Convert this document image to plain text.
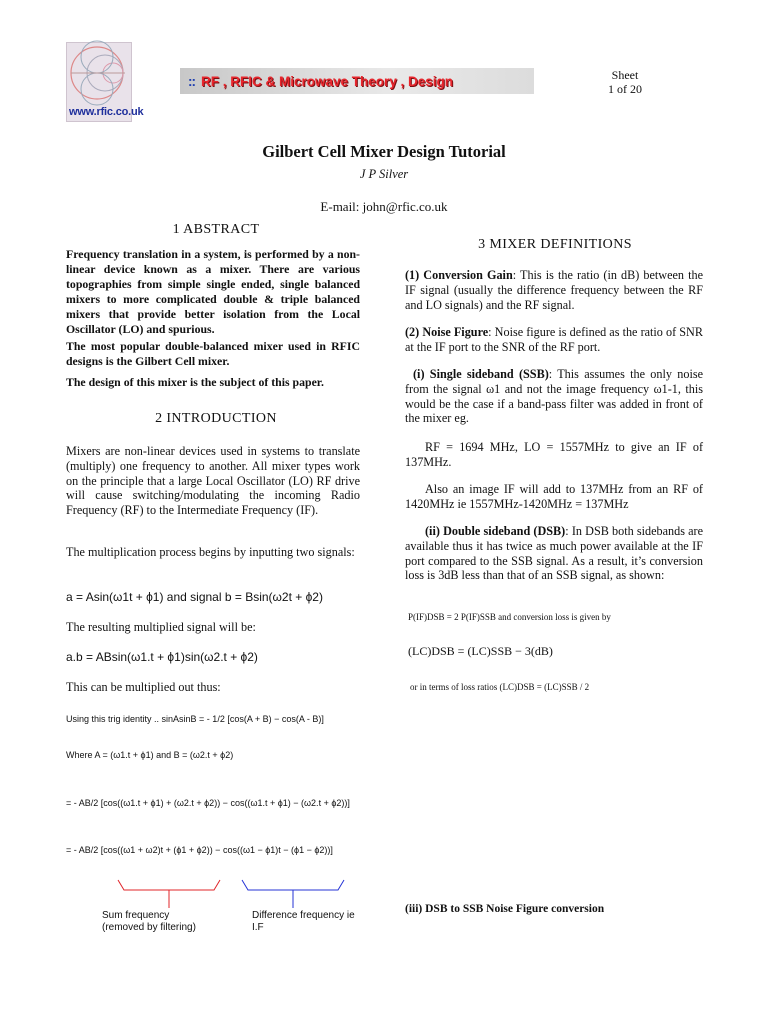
www.rfic.co.uk
:: RF , RFIC & Microwave Theory , Design	Sheet
1 of 20
Gilbert Cell Mixer Design Tutorial
J P Silver
E-mail: john@rfic.co.uk
1 ABSTRACT
Frequency translation in a system, is performed by a non-linear device known as a mixer. There are various topographies from simple single ended, single balanced mixers to more complicated double & triple balanced mixers that provide better isolation from the Local Oscillator (LO) and spurious.
The most popular double-balanced mixer used in RFIC designs is the Gilbert Cell mixer.
The design of this mixer is the subject of this paper.
2 INTRODUCTION
Mixers are non-linear devices used in systems to translate (multiply) one frequency to another. All mixer types work on the principle that a large Local Oscillator (LO) RF drive will cause switching/modulating the incoming Radio Frequency (RF) to the Intermediate Frequency (IF).
The multiplication process begins by inputting two signals:
a = Asin(ω1t + ϕ1) and signal b = Bsin(ω2t + ϕ2)
The resulting multiplied signal will be:
a.b = ABsin(ω1.t + ϕ1)sin(ω2.t + ϕ2)
This can be multiplied out thus:
Using this trig identity .. sinAsinB = - 1/2 [cos(A + B) − cos(A - B)]
Where A = (ω1.t + ϕ1) and B = (ω2.t + ϕ2)
= - AB/2 [cos((ω1.t + ϕ1) + (ω2.t + ϕ2)) − cos((ω1.t + ϕ1) − (ω2.t + ϕ2))]
= - AB/2 [cos((ω1 + ω2)t + (ϕ1 + ϕ2)) − cos((ω1 − ϕ1)t − (ϕ1 − ϕ2))]
Sum frequency (removed by filtering)
Difference frequency ie I.F
3 MIXER DEFINITIONS
(1) Conversion Gain: This is the ratio (in dB) between the IF signal (usually the difference frequency between the RF and LO signals) and the RF signal.
(2) Noise Figure: Noise figure is defined as the ratio of SNR at the IF port to the SNR of the RF port.
(i) Single sideband (SSB): This assumes the only noise from the signal ω1 and not the image frequency ω1-1, this would be the case if a band-pass filter was added in front of the mixer eg.
RF = 1694 MHz, LO = 1557MHz to give an IF of 137MHz.
Also an image IF will add to 137MHz from an RF of 1420MHz ie 1557MHz-1420MHz = 137MHz
(ii) Double sideband (DSB): In DSB both sidebands are available thus it has twice as much power available at the IF port compared to the SSB signal. As a result, it’s conversion loss is 3dB less than that of an SSB signal, as shown:
P(IF)DSB = 2 P(IF)SSB and conversion loss is given by
(LC)DSB = (LC)SSB − 3(dB)
or in terms of loss ratios (LC)DSB = (LC)SSB / 2
(iii) DSB to SSB Noise Figure conversion
